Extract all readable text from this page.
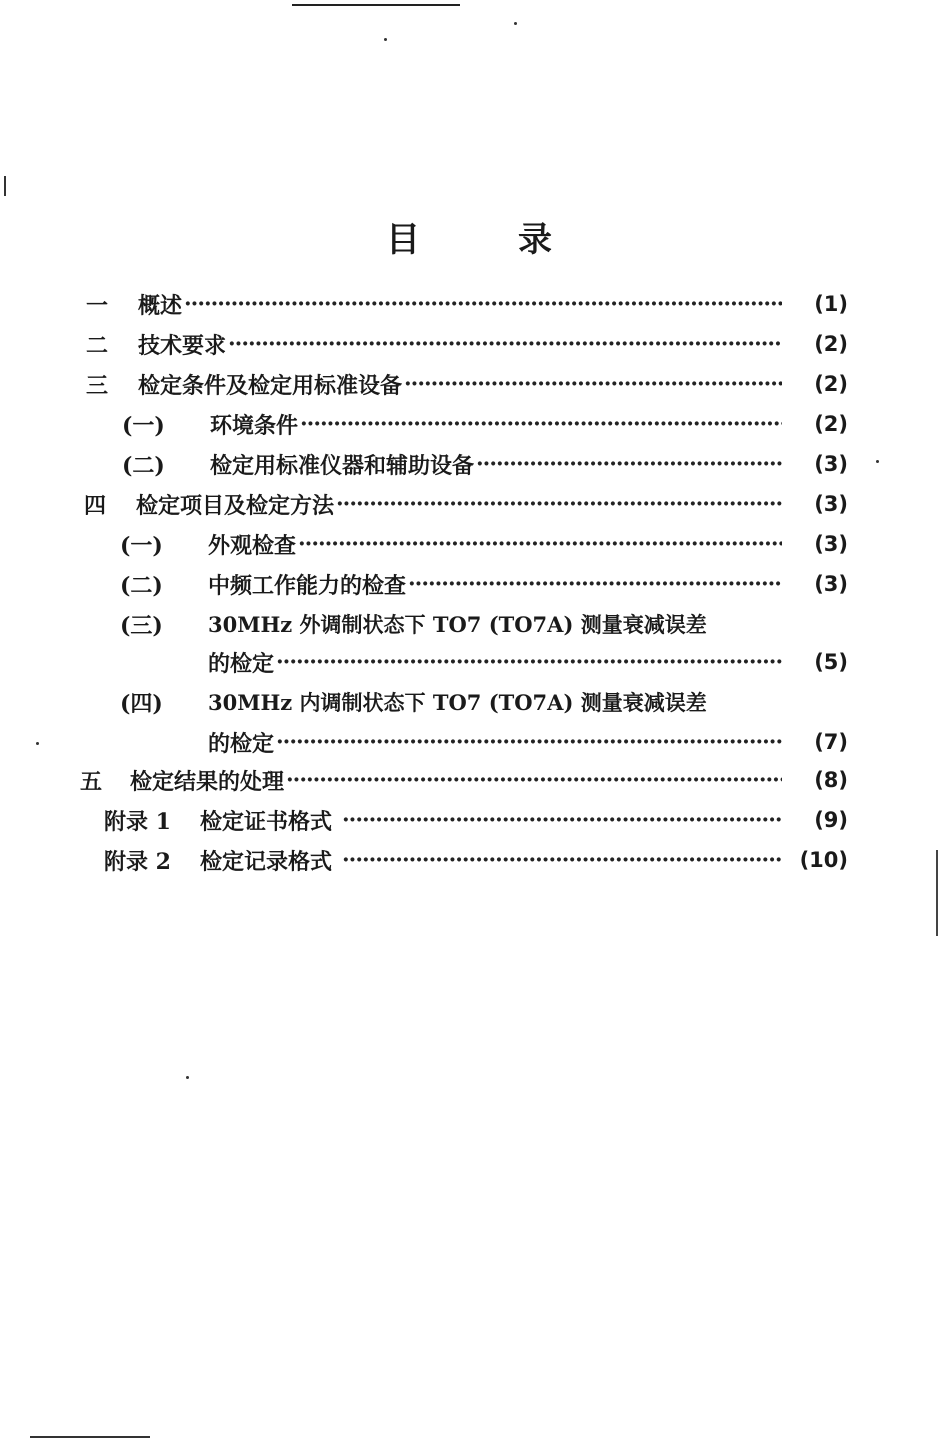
目	录
一	概述 ·····	(1)
二	技术要求 ·····	(2)
三	检定条件及检定用标准设备 ·····	(2)
(一)	环境条件 ·····	(2)
(二)	检定用标准仪器和辅助设备 ·····	(3)
四	检定项目及检定方法 ·····	(3)
(一)	外观检查 ·····	(3)
(二)	中频工作能力的检查 ·····	(3)
(三)	30MHz 外调制状态下 TO7 (TO7A) 测量衰减误差
的检定 ·····	(5)
(四)	30MHz 内调制状态下 TO7 (TO7A) 测量衰减误差
的检定 ·····	(7)
五	检定结果的处理 ·····	(8)
附录 1	检定证书格式 ·····	(9)
附录 2	检定记录格式 ·····	(10)
